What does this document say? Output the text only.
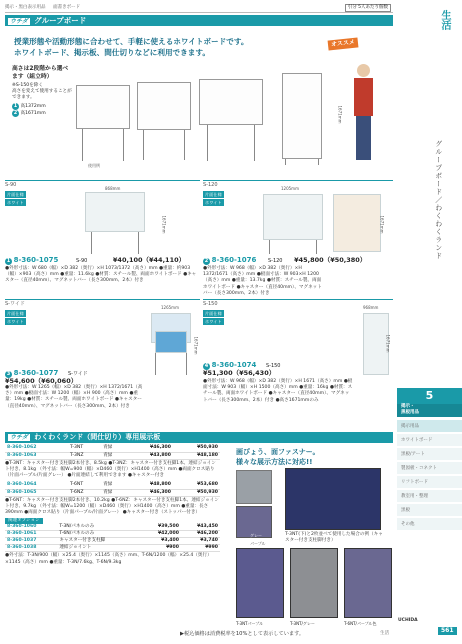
掲示・黒白表示用品 面書きボード	引分 5人あたり個数
ウチダ グループボード
授業形態や活動形態に合わせて、手軽に使えるホワイトボードです。
ホワイトボード、掲示板、間仕切りなどに利用できます。
オススメ
高さは2段階から選べます（組立時）
※S-150を除く
高さを変えて使用することができます。
1 高1372mm
2 高1671mm	1671mm
使用例
S-90
片面仕様
ホワイト
868mm
1671mm
1 8-360-1075	S-90	¥40,100（¥44,110）
●外形寸法：W 680（幅）×D 382（奥行）×H 1073/1372（高さ）mm ●重量：約903（幅）×903（高さ）mm ●重量：11.6kg ●材質：スチール製、両面ホワイトボード ●キャスター（直径40mm）、マグネットバー（長さ300mm、2本）付き
S-120
片面仕様
ホワイト
1205mm
1671mm
2 8-360-1076 S-120 ¥45,800（¥50,380）
●外形寸法：W 968（幅）×D 382（奥行）×H 1372/1671（高さ）mm ●板面寸法：W 903×H 1200（高さ）mm ●重量：13.7kg ●材質：スチール製、両面ホワイトボード ●キャスター（直径40mm）、マグネットバー（長さ300mm、2本）付き
S-ワイド
片面仕様
ホワイト
1265mm
1671mm
3 8-360-1077 S-ワイド
¥54,600（¥60,060）
●外形寸法：W 1265（幅）×D 382（奥行）×H 1372/1671（高さ）mm ●板面寸法：W 1200（幅）×H 900（高さ）mm ●重量：19kg ●材質：スチール製、両面ホワイトボード ●キャスター（直径40mm）、マグネットバー（長さ300mm、2本）付き
S-150
片面仕様
ホワイト
968mm
1671mm
4 8-360-1074 S-150
¥51,300（¥56,430）
●外形寸法：W 968（幅）×D 382（奥行）×H 1671（高さ）mm ●板面寸法：W 903（幅）×H 1500（高さ）mm ●重量：16kg ●材質：スチール製、両面ホワイトボード ●キャスター（直径40mm）、マグネットバー（長さ300mm、2本）付き ●高さ1671mmのみ
ウチダ わくわくランド（間仕切り）専用展示板
8-360-1062	T-3NT	青緑	¥46,300	¥50,930
8-360-1063	T-3NZ	青緑	¥43,800	¥48,180
●T-3NT：キャスター付き支柱脚2本付き、8.5kg ●T-3NZ：キャスター付き支柱脚1本、連結ジョイント付き、8.1kg （外寸法：幅W=900（幅）×D460（奥行）×H1400（高さ）mm ●両面クロス貼り（片面パープル/片面グレー） ●片面連結して利用できます ●キャスター付き
8-360-1064	T-6NT	青緑	¥48,800	¥53,680
8-360-1065	T-6NZ	青緑	¥46,300	¥50,930
●T-6NT：キャスター付き支柱脚2本付き、10.2kg ●T-6NZ：キャスター付き支柱脚1本、連結ジョイント付き、9.7kg （外寸法：幅W=1200（幅）×D460（奥行）×H1400（高さ）mm ●重量：長さ390mm ●両面クロス貼り（片面パープル/片面グレー） ●キャスター付き（ストッパー付き）
関連オプション
8-360-1060	T-3N/パネルのみ		¥39,500	¥43,450
8-360-1061	T-6N/パネルのみ		¥42,000	¥46,200
8-360-1037	キャスター付き支柱脚		¥3,400	¥3,740
8-360-1038	連結ジョイント		¥900	¥990
●外寸法：T-3N/900（幅）×25.4（奥行）×1145（高さ）mm、T-6N/1200（幅）×25.4（奥行）×1145（高さ）mm ●重量：T-3N/7.6kg、T-6N/9.3kg
画びょう、面ファスナー。
様々な展示方法に対応!!
グレー
パープル
T-3NT(下)と2枚並べて使用した場合の例（キャスター付き支柱脚付き）
T-3NTパープル	T-3NT/グレー	T-6NT/パープル色
▶税込価格は消費税率を10%として表示しています。	生活
生活
グループボード／わくわくランド
5
掲示・
黒板用品
掲示用品
ホワイトボード
黒板/アート
製図板・コネクト
リフトボード
教室用・整理
黒板
その他
561
UCHIDA
